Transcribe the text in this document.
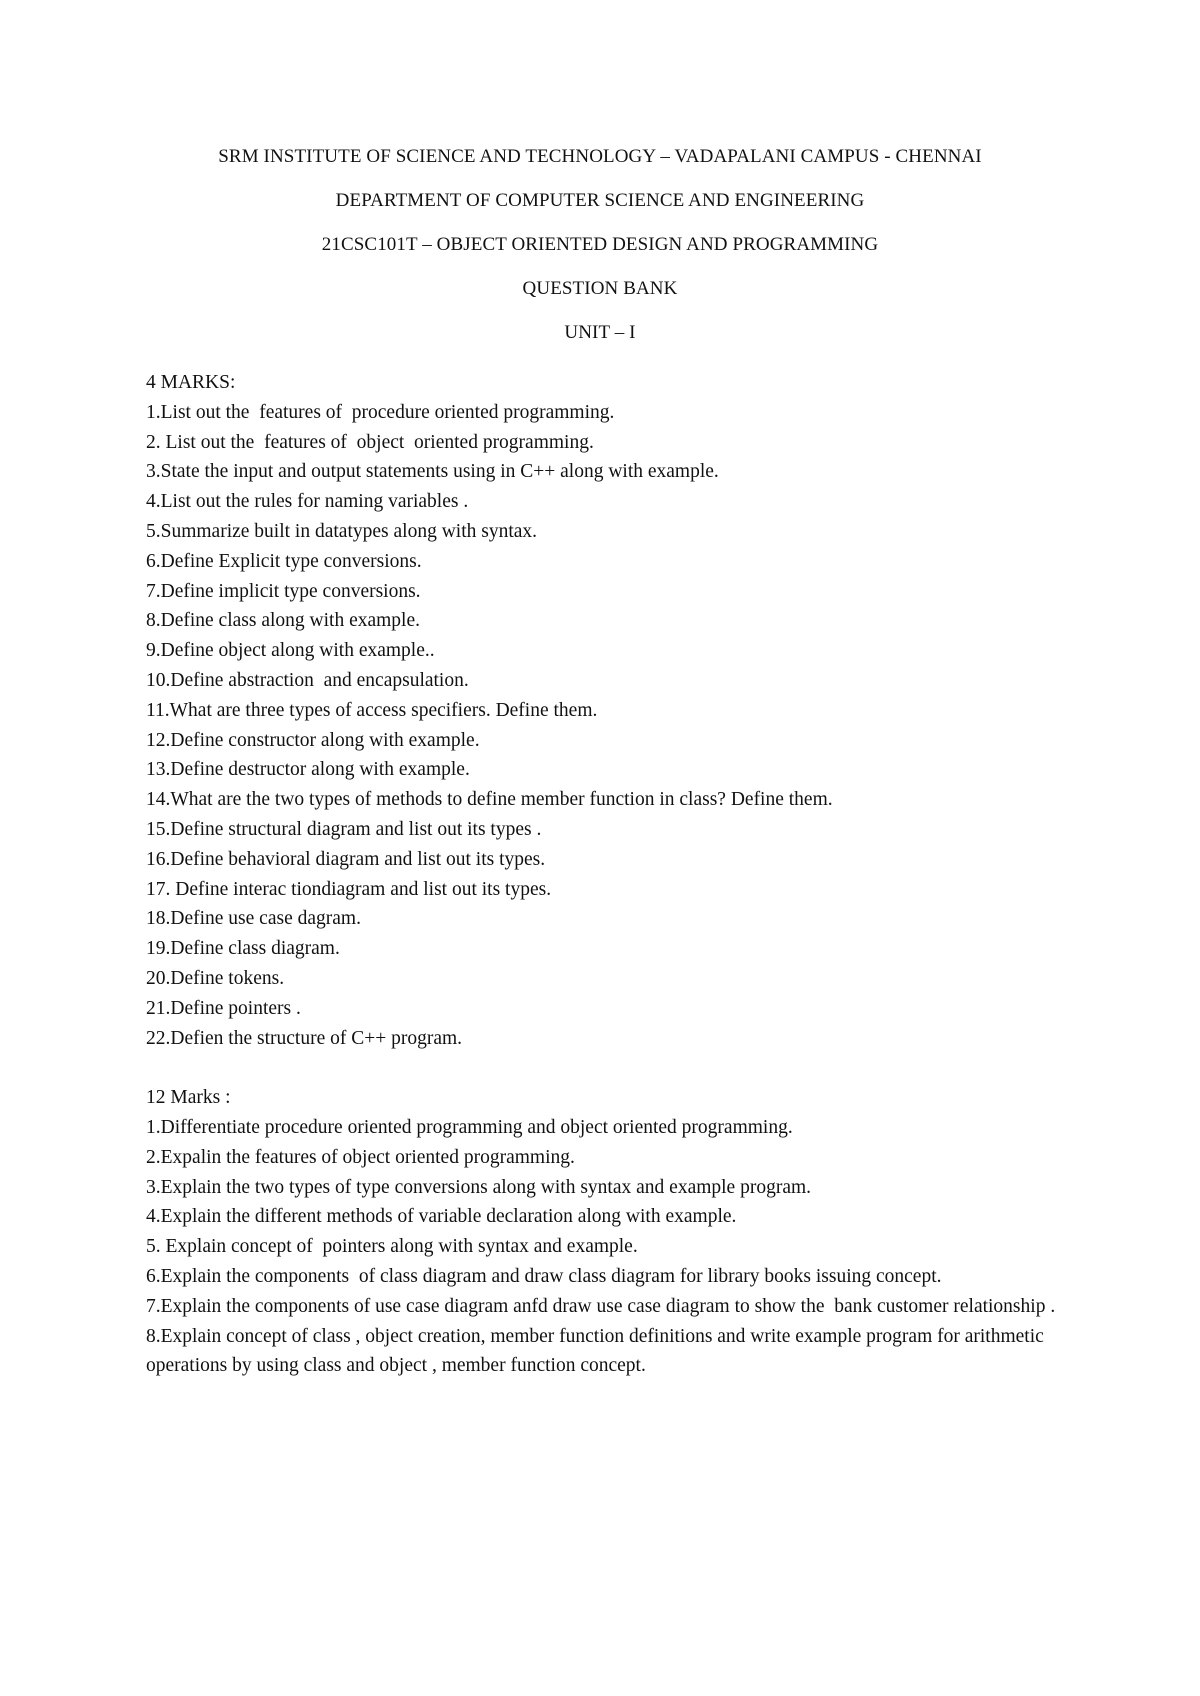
SRM INSTITUTE OF SCIENCE AND TECHNOLOGY – VADAPALANI CAMPUS - CHENNAI
DEPARTMENT OF COMPUTER SCIENCE AND ENGINEERING
21CSC101T – OBJECT ORIENTED DESIGN AND PROGRAMMING
QUESTION BANK
UNIT – I
4 MARKS:
1.List out the  features of  procedure oriented programming.
2. List out the  features of  object  oriented programming.
3.State the input and output statements using in C++ along with example.
4.List out the rules for naming variables .
5.Summarize built in datatypes along with syntax.
6.Define Explicit type conversions.
7.Define implicit type conversions.
8.Define class along with example.
9.Define object along with example..
10.Define abstraction  and encapsulation.
11.What are three types of access specifiers. Define them.
12.Define constructor along with example.
13.Define destructor along with example.
14.What are the two types of methods to define member function in class? Define them.
15.Define structural diagram and list out its types .
16.Define behavioral diagram and list out its types.
17. Define interac tiondiagram and list out its types.
18.Define use case dagram.
19.Define class diagram.
20.Define tokens.
21.Define pointers .
22.Defien the structure of C++ program.
12 Marks :
1.Differentiate procedure oriented programming and object oriented programming.
2.Expalin the features of object oriented programming.
3.Explain the two types of type conversions along with syntax and example program.
4.Explain the different methods of variable declaration along with example.
5. Explain concept of  pointers along with syntax and example.
6.Explain the components  of class diagram and draw class diagram for library books issuing concept.
7.Explain the components of use case diagram anfd draw use case diagram to show the  bank customer relationship .
8.Explain concept of class , object creation, member function definitions and write example program for arithmetic operations by using class and object , member function concept.
